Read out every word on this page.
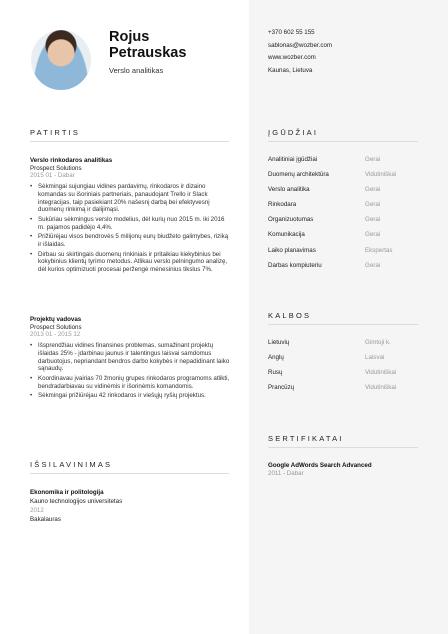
Rojus
Petrauskas
Verslo analitikas
+370 602 55 155
sablonas@wozber.com
www.wozber.com
Kaunas, Lietuva
PATIRTIS
Verslo rinkodaros analitikas
Prospect Solutions
2015 01 - Dabar
• Sėkmingai sujungiau vidines pardavimų, rinkodaros ir dizaino komandas su išoriniais partneriais, panaudojant Trello ir Slack integracijas, taip pasiekiant 20% našesnį darbą bei efektyvesnį duomenų rinkimą ir dalijimąsi.
• Sukūriau sėkmingus verslo modelius, dėl kurių nuo 2015 m. iki 2016 m. pajamos padidėjo 4,4%.
• Prižiūrėjau visos bendrovės 5 milijonų eurų biudžeto galimybes, riziką ir išlaidas.
• Dirbau su skirtingais duomenų rinkiniais ir pritaikiau kiekybinius bei kokybinius klientų tyrimo metodus. Atlikau verslo pelningumo analizę, dėl kurios optimizuoti procesai peržengė mėnesinius tikslus 7%.
Projektų vadovas
Prospect Solutions
2013 01 - 2015 12
• Išsprendžiau vidines finansines problemas, sumažinant projektų išlaidas 25% - įdarbinau jaunus ir talentingus laisvai samdomus darbuotojus, nepriandant bendros darbo kokybės ir nepadidinant laiko sąnaudų.
• Koordinavau įvairias 70 žmonių grupes rinkodaros programoms atlikti, bendradarbiavau su vidinėmis ir išorinėmis komandomis.
• Sėkmingai prižiūrėjau 42 rinkodaros ir viešųjų ryšių projektus.
IŠSILAVINIMAS
Ekonomika ir politologija
Kauno technologijos universitetas
2012
Bakalauras
ĮGŪDŽIAI
Analitiniai įgūdžiai	Gerai
Duomenų architektūra	Vidutiniškai
Verslo analitika	Gerai
Rinkodara	Gerai
Organizuotumas	Gerai
Komunikacija	Gerai
Laiko planavimas	Ekspertas
Darbas kompiuteriu	Gerai
KALBOS
Lietuvių	Gimtoji k.
Anglų	Laisvai
Rusų	Vidutiniškai
Prancūzų	Vidutiniškai
SERTIFIKATAI
Google AdWords Search Advanced
2011 - Dabar
